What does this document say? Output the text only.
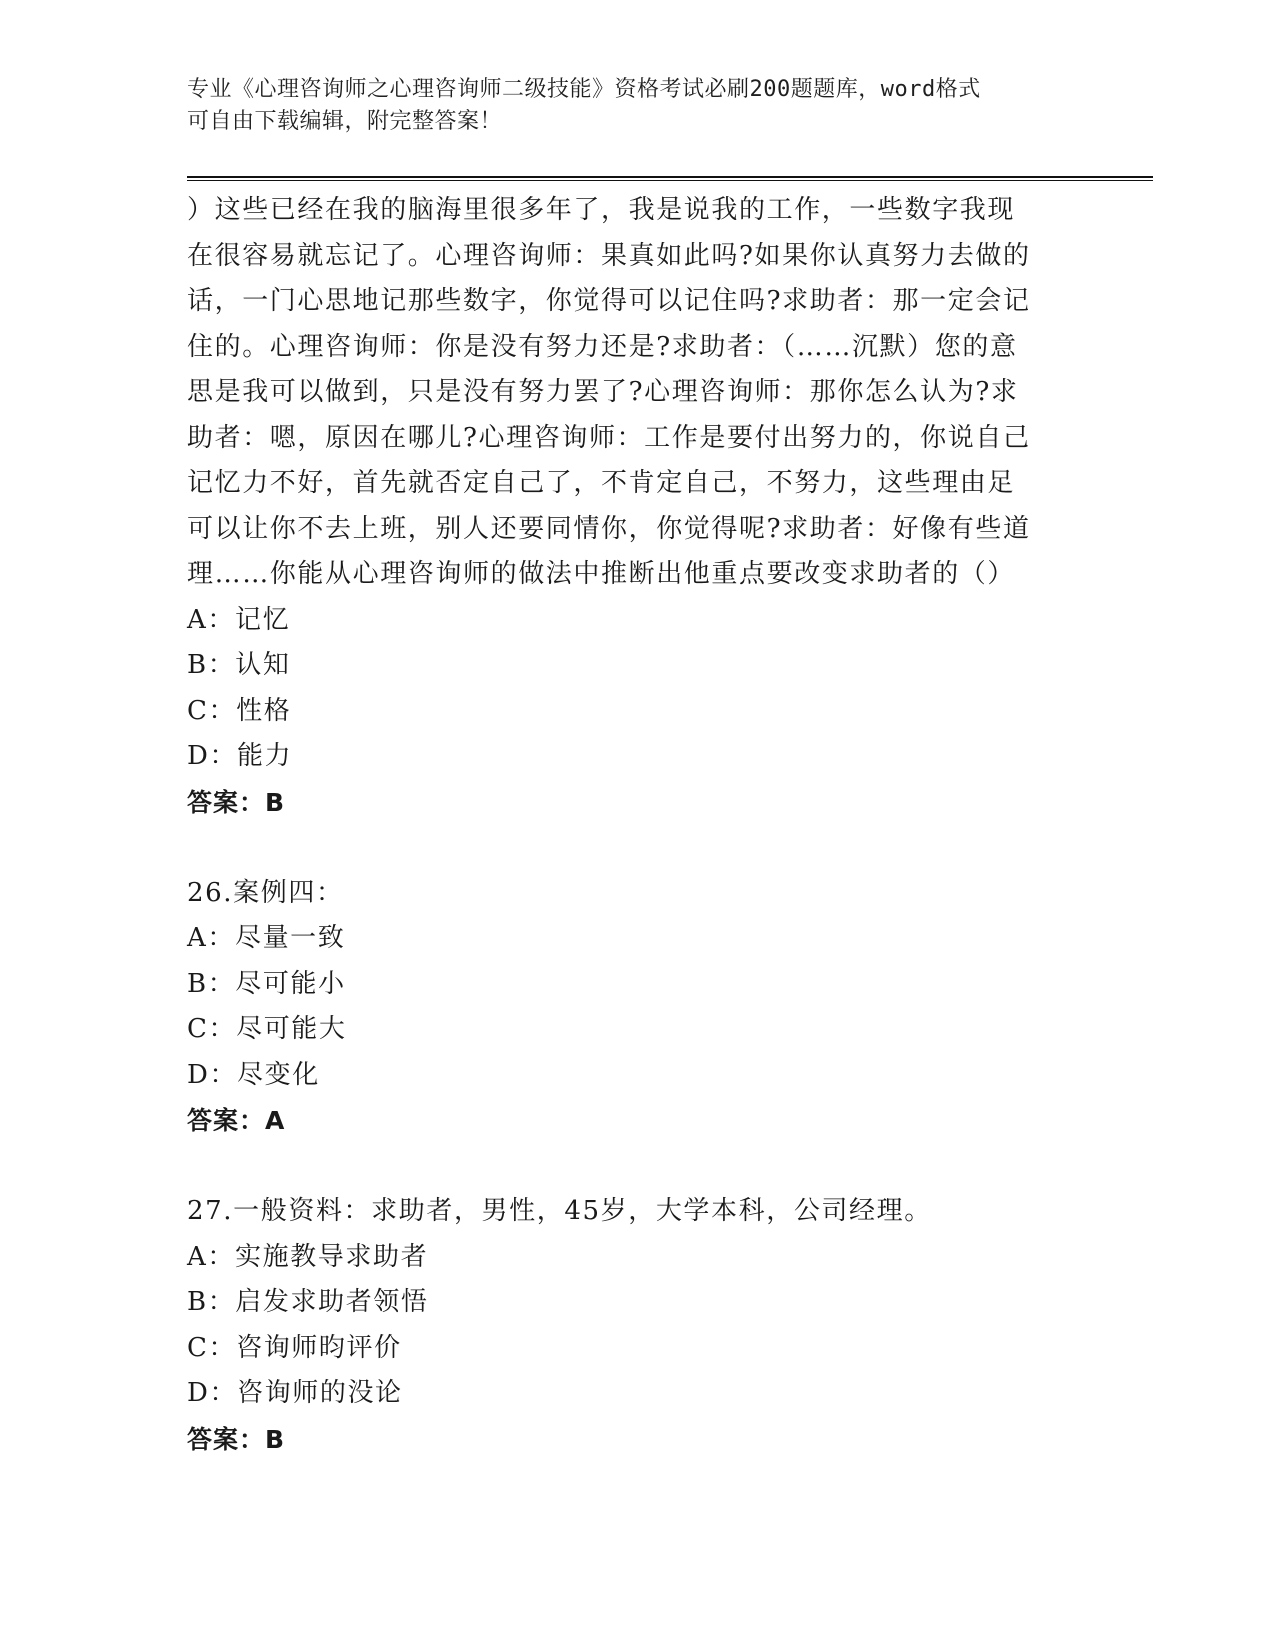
专业《心理咨询师之心理咨询师二级技能》资格考试必刷200题题库，word格式
可自由下载编辑，附完整答案！

）这些已经在我的脑海里很多年了，我是说我的工作，一些数字我现

在很容易就忘记了。心理咨询师：果真如此吗?如果你认真努力去做的

话，一门心思地记那些数字，你觉得可以记住吗?求助者：那一定会记

住的。心理咨询师：你是没有努力还是?求助者：（……沉默）您的意

思是我可以做到，只是没有努力罢了?心理咨询师：那你怎么认为?求

助者：嗯，原因在哪儿?心理咨询师：工作是要付出努力的，你说自己

记忆力不好，首先就否定自己了，不肯定自己，不努力，这些理由足

可以让你不去上班，别人还要同情你，你觉得呢?求助者：好像有些道

理……你能从心理咨询师的做法中推断出他重点要改变求助者的（）

A：记忆

B：认知

C：性格

D：能力

答案：B

26.案例四：

A：尽量一致

B：尽可能小

C：尽可能大

D：尽变化

答案：A

27.一般资料：求助者，男性，45岁，大学本科，公司经理。

A：实施教导求助者

B：启发求助者领悟

C：咨询师昀评价

D：咨询师的没论

答案：B
